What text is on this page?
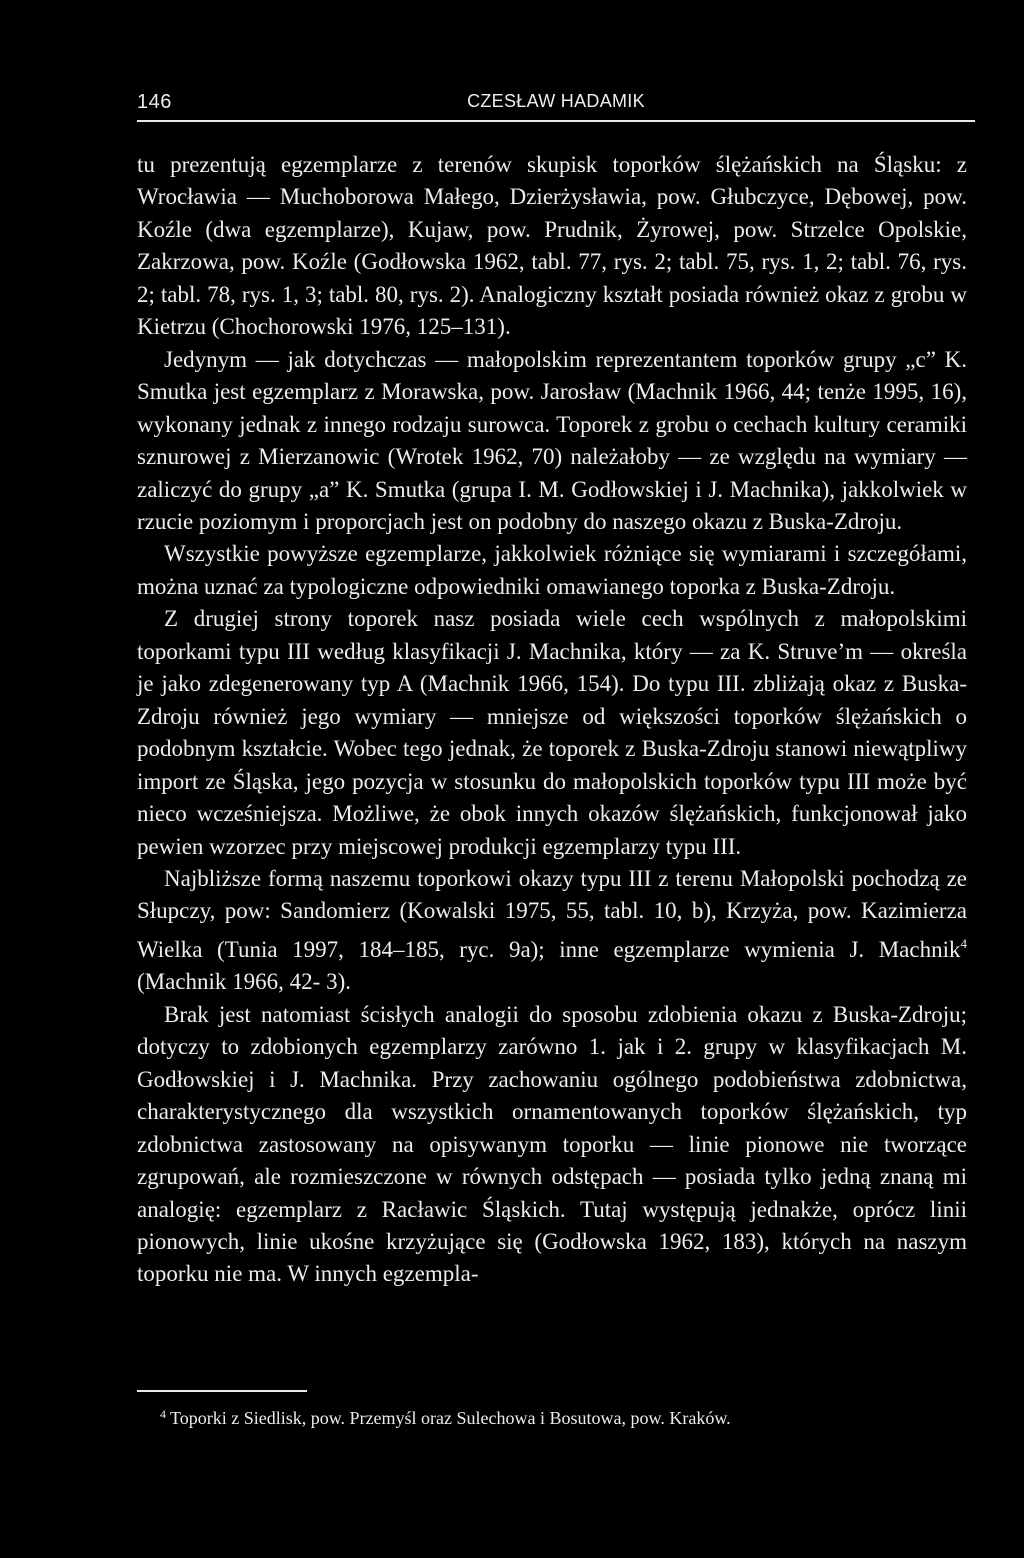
146	CZESŁAW HADAMIK

tu prezentują egzemplarze z terenów skupisk toporków ślężańskich na Śląsku: z Wrocławia — Muchoborowa Małego, Dzierżysławia, pow. Głubczyce, Dębowej, pow. Koźle (dwa egzemplarze), Kujaw, pow. Prudnik, Żyrowej, pow. Strzelce Opolskie, Zakrzowa, pow. Koźle (Godłowska 1962, tabl. 77, rys. 2; tabl. 75, rys. 1, 2; tabl. 76, rys. 2; tabl. 78, rys. 1, 3; tabl. 80, rys. 2). Analogiczny kształt posiada również okaz z grobu w Kietrzu (Chochorowski 1976, 125–131).

Jedynym — jak dotychczas — małopolskim reprezentantem toporków grupy „c” K. Smutka jest egzemplarz z Morawska, pow. Jarosław (Machnik 1966, 44; tenże 1995, 16), wykonany jednak z innego rodzaju surowca. Toporek z grobu o cechach kultury ceramiki sznurowej z Mierzanowic (Wrotek 1962, 70) należałoby — ze względu na wymiary — zaliczyć do grupy „a” K. Smutka (grupa I. M. Godłowskiej i J. Machnika), jakkolwiek w rzucie poziomym i proporcjach jest on podobny do naszego okazu z Buska-Zdroju.

Wszystkie powyższe egzemplarze, jakkolwiek różniące się wymiarami i szczegółami, można uznać za typologiczne odpowiedniki omawianego toporka z Buska-Zdroju.

Z drugiej strony toporek nasz posiada wiele cech wspólnych z małopolskimi toporkami typu III według klasyfikacji J. Machnika, który — za K. Struve’m — określa je jako zdegenerowany typ A (Machnik 1966, 154). Do typu III. zbliżają okaz z Buska-Zdroju również jego wymiary — mniejsze od większości toporków ślężańskich o podobnym kształcie. Wobec tego jednak, że toporek z Buska-Zdroju stanowi niewątpliwy import ze Śląska, jego pozycja w stosunku do małopolskich toporków typu III może być nieco wcześniejsza. Możliwe, że obok innych okazów ślężańskich, funkcjonował jako pewien wzorzec przy miejscowej produkcji egzemplarzy typu III.

Najbliższe formą naszemu toporkowi okazy typu III z terenu Małopolski pochodzą ze Słupczy, pow: Sandomierz (Kowalski 1975, 55, tabl. 10, b), Krzyża, pow. Kazimierza Wielka (Tunia 1997, 184–185, ryc. 9a); inne egzemplarze wymienia J. Machnik$^4$ (Machnik 1966, 42- 3).

Brak jest natomiast ścisłych analogii do sposobu zdobienia okazu z Buska-Zdroju; dotyczy to zdobionych egzemplarzy zarówno 1. jak i 2. grupy w klasyfikacjach M. Godłowskiej i J. Machnika. Przy zachowaniu ogólnego podobieństwa zdobnictwa, charakterystycznego dla wszystkich ornamentowanych toporków ślężańskich, typ zdobnictwa zastosowany na opisywanym toporku — linie pionowe nie tworzące zgrupowań, ale rozmieszczone w równych odstępach — posiada tylko jedną znaną mi analogię: egzemplarz z Racławic Śląskich. Tutaj występują jednakże, oprócz linii pionowych, linie ukośne krzyżujące się (Godłowska 1962, 183), których na naszym toporku nie ma. W innych egzempla-

$^4$ Toporki z Siedlisk, pow. Przemyśl oraz Sulechowa i Bosutowa, pow. Kraków.
